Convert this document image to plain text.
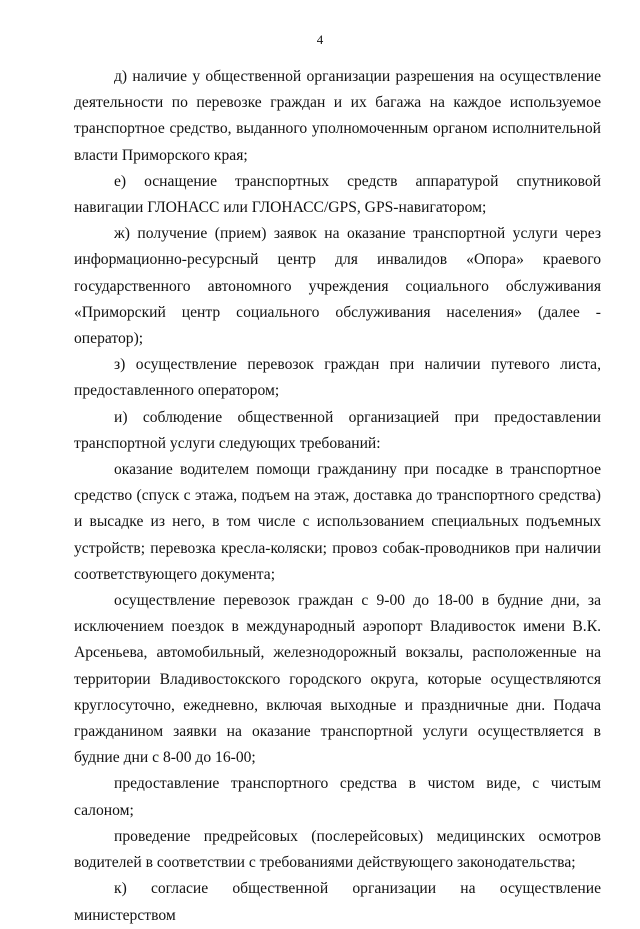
4

д) наличие у общественной организации разрешения на осуществление деятельности по перевозке граждан и их багажа на каждое используемое транспортное средство, выданного уполномоченным органом исполнительной власти Приморского края;

е) оснащение транспортных средств аппаратурой спутниковой навигации ГЛОНАСС или ГЛОНАСС/GPS, GPS-навигатором;

ж) получение (прием) заявок на оказание транспортной услуги через информационно-ресурсный центр для инвалидов «Опора» краевого государственного автономного учреждения социального обслуживания «Приморский центр социального обслуживания населения» (далее - оператор);

з) осуществление перевозок граждан при наличии путевого листа, предоставленного оператором;

и) соблюдение общественной организацией при предоставлении транспортной услуги следующих требований:

оказание водителем помощи гражданину при посадке в транспортное средство (спуск с этажа, подъем на этаж, доставка до транспортного средства) и высадке из него, в том числе с использованием специальных подъемных устройств; перевозка кресла-коляски; провоз собак-проводников при наличии соответствующего документа;

осуществление перевозок граждан с 9-00 до 18-00 в будние дни, за исключением поездок в международный аэропорт Владивосток имени В.К. Арсеньева, автомобильный, железнодорожный вокзалы, расположенные на территории Владивостокского городского округа, которые осуществляются круглосуточно, ежедневно, включая выходные и праздничные дни. Подача гражданином заявки на оказание транспортной услуги осуществляется в будние дни с 8-00 до 16-00;

предоставление транспортного средства в чистом виде, с чистым салоном;

проведение предрейсовых (послерейсовых) медицинских осмотров водителей в соответствии с требованиями действующего законодательства;

к) согласие общественной организации на осуществление министерством
